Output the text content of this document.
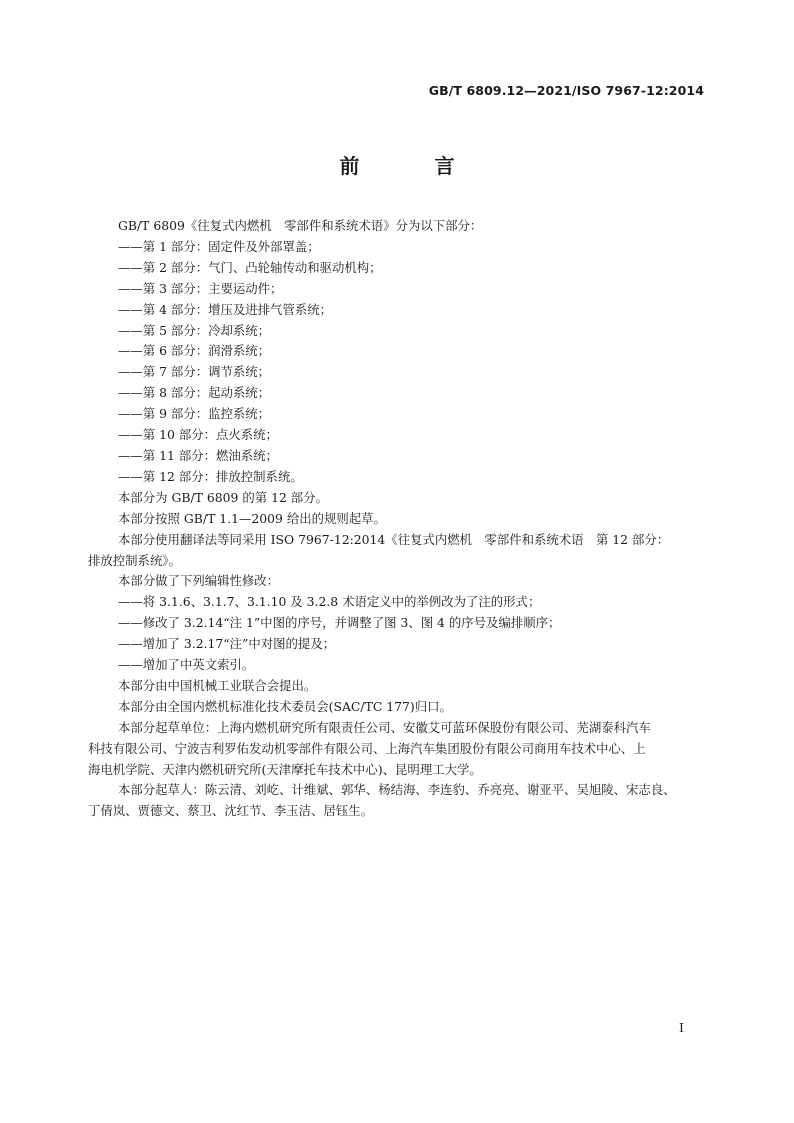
GB/T 6809.12—2021/ISO 7967-12:2014
前 言

GB/T 6809《往复式内燃机　零部件和系统术语》分为以下部分：

——第 1 部分：固定件及外部罩盖；

——第 2 部分：气门、凸轮轴传动和驱动机构；

——第 3 部分：主要运动件；

——第 4 部分：增压及进排气管系统；

——第 5 部分：冷却系统；

——第 6 部分：润滑系统；

——第 7 部分：调节系统；

——第 8 部分：起动系统；

——第 9 部分：监控系统；

——第 10 部分：点火系统；

——第 11 部分：燃油系统；

——第 12 部分：排放控制系统。

本部分为 GB/T 6809 的第 12 部分。

本部分按照 GB/T 1.1—2009 给出的规则起草。

本部分使用翻译法等同采用 ISO 7967-12:2014《往复式内燃机　零部件和系统术语　第 12 部分：

排放控制系统》。

本部分做了下列编辑性修改：

——将 3.1.6、3.1.7、3.1.10 及 3.2.8 术语定义中的举例改为了注的形式；

——修改了 3.2.14“注 1”中图的序号，并调整了图 3、图 4 的序号及编排顺序；

——增加了 3.2.17“注”中对图的提及；

——增加了中英文索引。

本部分由中国机械工业联合会提出。

本部分由全国内燃机标准化技术委员会(SAC/TC 177)归口。

本部分起草单位：上海内燃机研究所有限责任公司、安徽艾可蓝环保股份有限公司、芜湖泰科汽车

科技有限公司、宁波吉利罗佑发动机零部件有限公司、上海汽车集团股份有限公司商用车技术中心、上

海电机学院、天津内燃机研究所(天津摩托车技术中心)、昆明理工大学。

本部分起草人：陈云清、刘屹、计维斌、郭华、杨结海、李连豹、乔亮亮、谢亚平、吴旭陵、宋志良、

丁倩岚、贾德文、蔡卫、沈红节、李玉洁、居钰生。

I
